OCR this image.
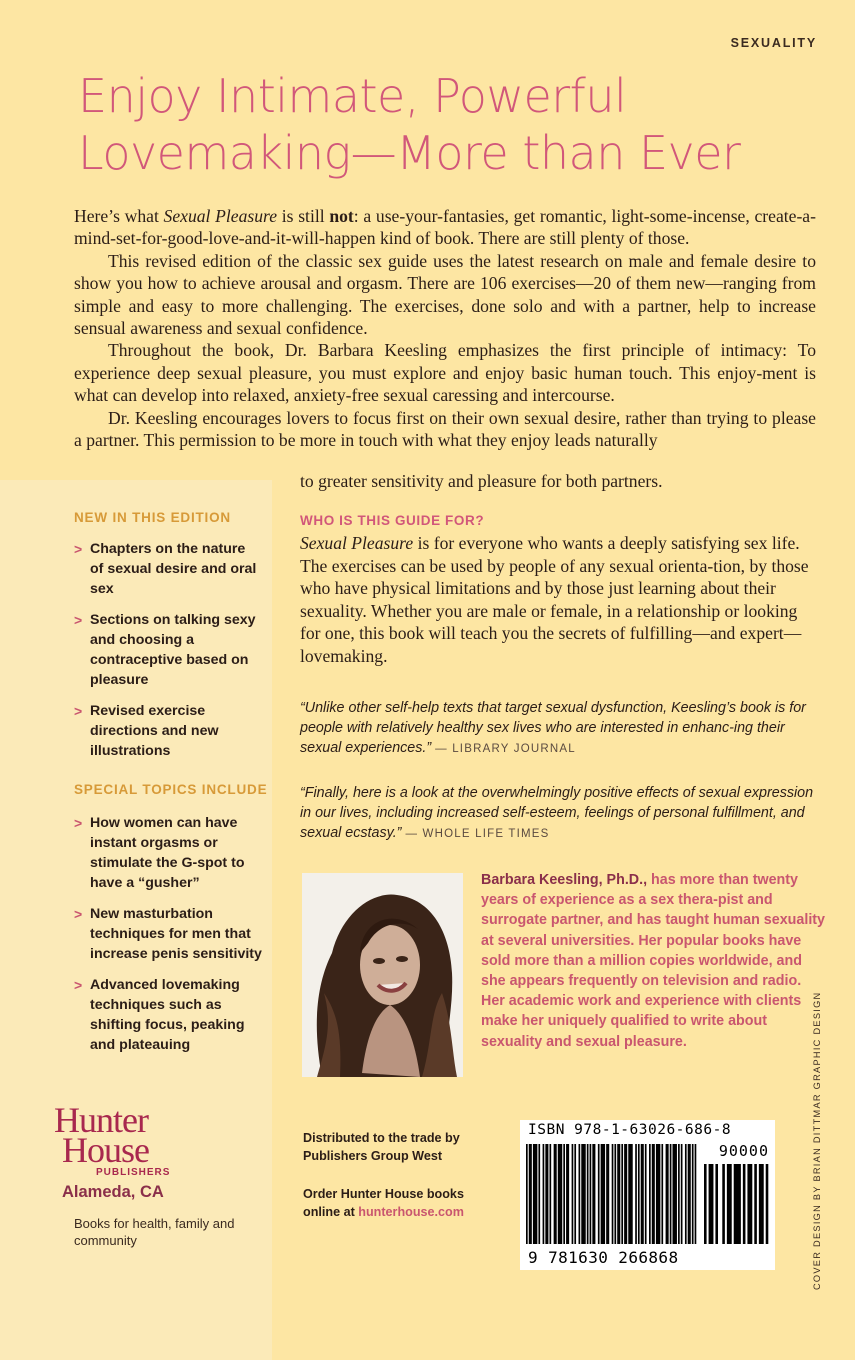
SEXUALITY
Enjoy Intimate, Powerful
Lovemaking—More than Ever

Here’s what Sexual Pleasure is still not: a use-your-fantasies, get romantic, light-some-incense, create-a-mind-set-for-good-love-and-it-will-happen kind of book. There are still plenty of those.

This revised edition of the classic sex guide uses the latest research on male and female desire to show you how to achieve arousal and orgasm. There are 106 exercises—20 of them new—ranging from simple and easy to more challenging. The exercises, done solo and with a partner, help to increase sensual awareness and sexual confidence.

Throughout the book, Dr. Barbara Keesling emphasizes the first principle of intimacy: To experience deep sexual pleasure, you must explore and enjoy basic human touch. This enjoy-ment is what can develop into relaxed, anxiety-free sexual caressing and intercourse.

Dr. Keesling encourages lovers to focus first on their own sexual desire, rather than trying to please a partner. This permission to be more in touch with what they enjoy leads naturally

NEW IN THIS EDITION
> Chapters on the nature of sexual desire and oral sex
> Sections on talking sexy and choosing a contraceptive based on pleasure
> Revised exercise directions and new illustrations
SPECIAL TOPICS INCLUDE
> How women can have instant orgasms or stimulate the G-spot to have a “gusher”
> New masturbation techniques for men that increase penis sensitivity
> Advanced lovemaking techniques such as shifting focus, peaking and plateauing
to greater sensitivity and pleasure for both partners.
WHO IS THIS GUIDE FOR?
Sexual Pleasure is for everyone who wants a deeply satisfying sex life. The exercises can be used by people of any sexual orienta-tion, by those who have physical limitations and by those just learning about their sexuality. Whether you are male or female, in a relationship or looking for one, this book will teach you the secrets of fulfilling—and expert—lovemaking.
“Unlike other self-help texts that target sexual dysfunction, Keesling’s book is for people with relatively healthy sex lives who are interested in enhanc-ing their sexual experiences.” — LIBRARY JOURNAL
“Finally, here is a look at the overwhelmingly positive effects of sexual expression in our lives, including increased self-esteem, feelings of personal fulfillment, and sexual ecstasy.” — WHOLE LIFE TIMES
Barbara Keesling, Ph.D., has more than twenty years of experience as a sex thera-pist and surrogate partner, and has taught human sexuality at several universities. Her popular books have sold more than a million copies worldwide, and she appears frequently on television and radio. Her academic work and experience with clients make her uniquely qualified to write about sexuality and sexual pleasure.
Hunter
House
PUBLISHERS
Alameda, CA
Books for health, family and community
Distributed to the trade by
Publishers Group West
Order Hunter House books
online at hunterhouse.com
ISBN 978-1-63026-686-8
90000
9 781630 266868	COVER DESIGN BY BRIAN DITTMAR GRAPHIC DESIGN
